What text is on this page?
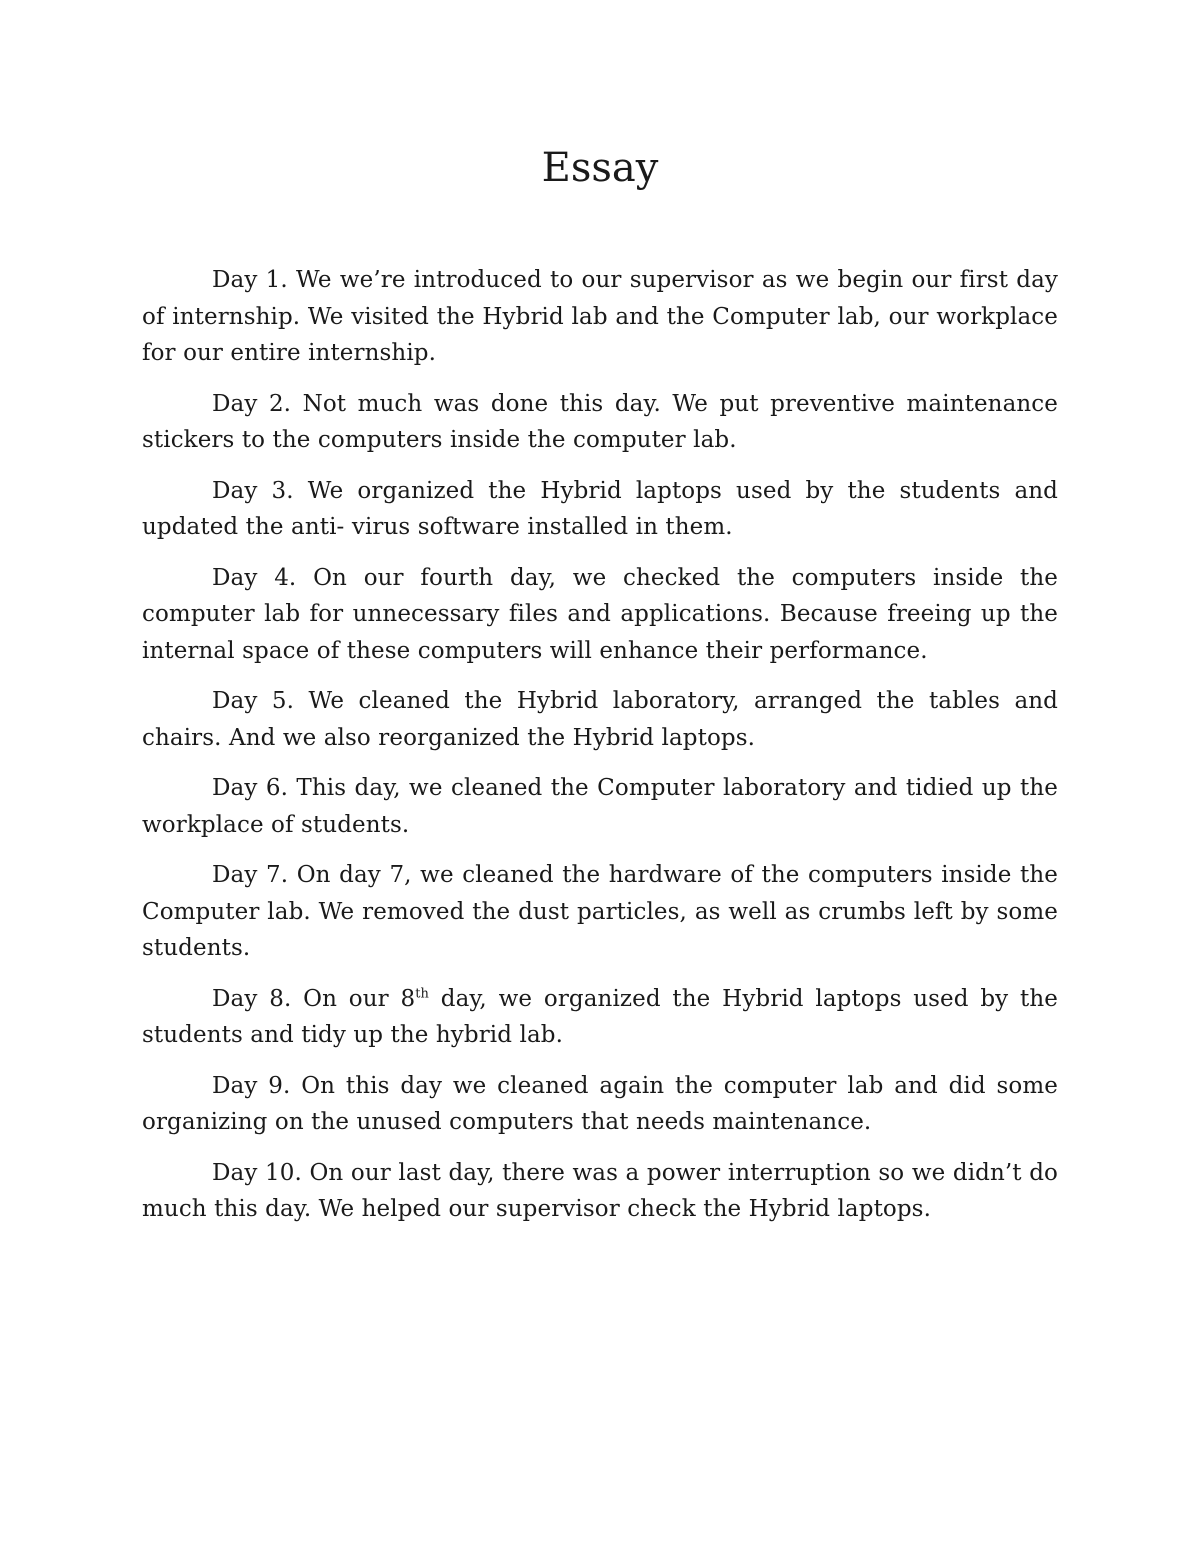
Essay

Day 1. We we’re introduced to our supervisor as we begin our first day of internship. We visited the Hybrid lab and the Computer lab, our workplace for our entire internship.

Day 2. Not much was done this day. We put preventive maintenance stickers to the computers inside the computer lab.

Day 3. We organized the Hybrid laptops used by the students and updated the anti- virus software installed in them.

Day 4. On our fourth day, we checked the computers inside the computer lab for unnecessary files and applications. Because freeing up the internal space of these computers will enhance their performance.

Day 5. We cleaned the Hybrid laboratory, arranged the tables and chairs. And we also reorganized the Hybrid laptops.

Day 6. This day, we cleaned the Computer laboratory and tidied up the workplace of students.

Day 7. On day 7, we cleaned the hardware of the computers inside the Computer lab. We removed the dust particles, as well as crumbs left by some students.

Day 8. On our 8th day, we organized the Hybrid laptops used by the students and tidy up the hybrid lab.

Day 9. On this day we cleaned again the computer lab and did some organizing on the unused computers that needs maintenance.

Day 10. On our last day, there was a power interruption so we didn’t do much this day. We helped our supervisor check the Hybrid laptops.
